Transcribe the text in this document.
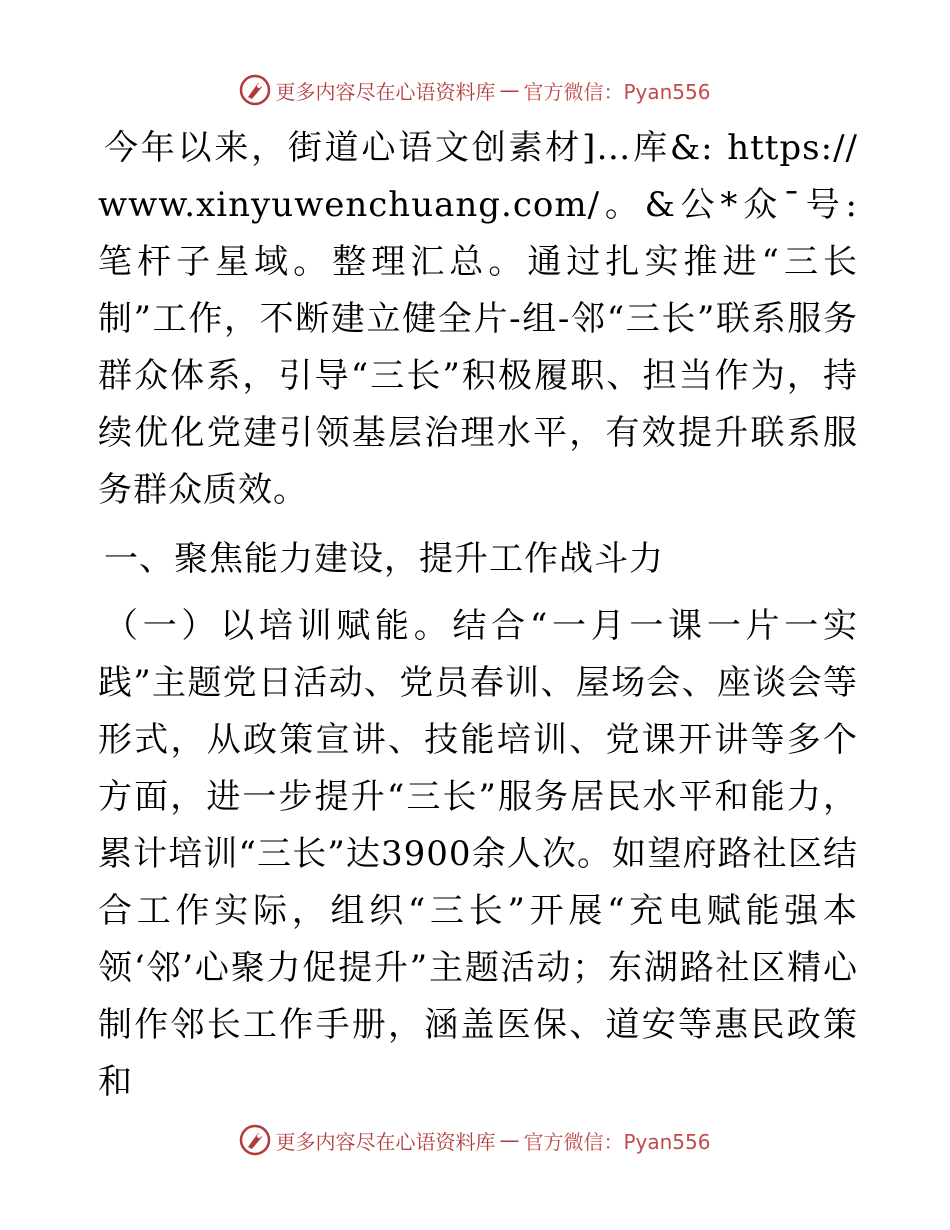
更多内容尽在心语资料库 — 官方微信：Pyan556

今年以来，街道心语文创素材]…库&: https://www.xinyuwenchuang.com/。&公*众¯号: 笔杆子星域。整理汇总。通过扎实推进“三长制”工作，不断建立健全片-组-邻“三长”联系服务群众体系，引导“三长”积极履职、担当作为，持续优化党建引领基层治理水平，有效提升联系服务群众质效。

一、聚焦能力建设，提升工作战斗力

（一）以培训赋能。结合“一月一课一片一实践”主题党日活动、党员春训、屋场会、座谈会等形式，从政策宣讲、技能培训、党课开讲等多个方面，进一步提升“三长”服务居民水平和能力，累计培训“三长”达3900余人次。如望府路社区结合工作实际，组织“三长”开展“充电赋能强本领‘邻’心聚力促提升”主题活动；东湖路社区精心制作邻长工作手册，涵盖医保、道安等惠民政策和

更多内容尽在心语资料库 — 官方微信：Pyan556
